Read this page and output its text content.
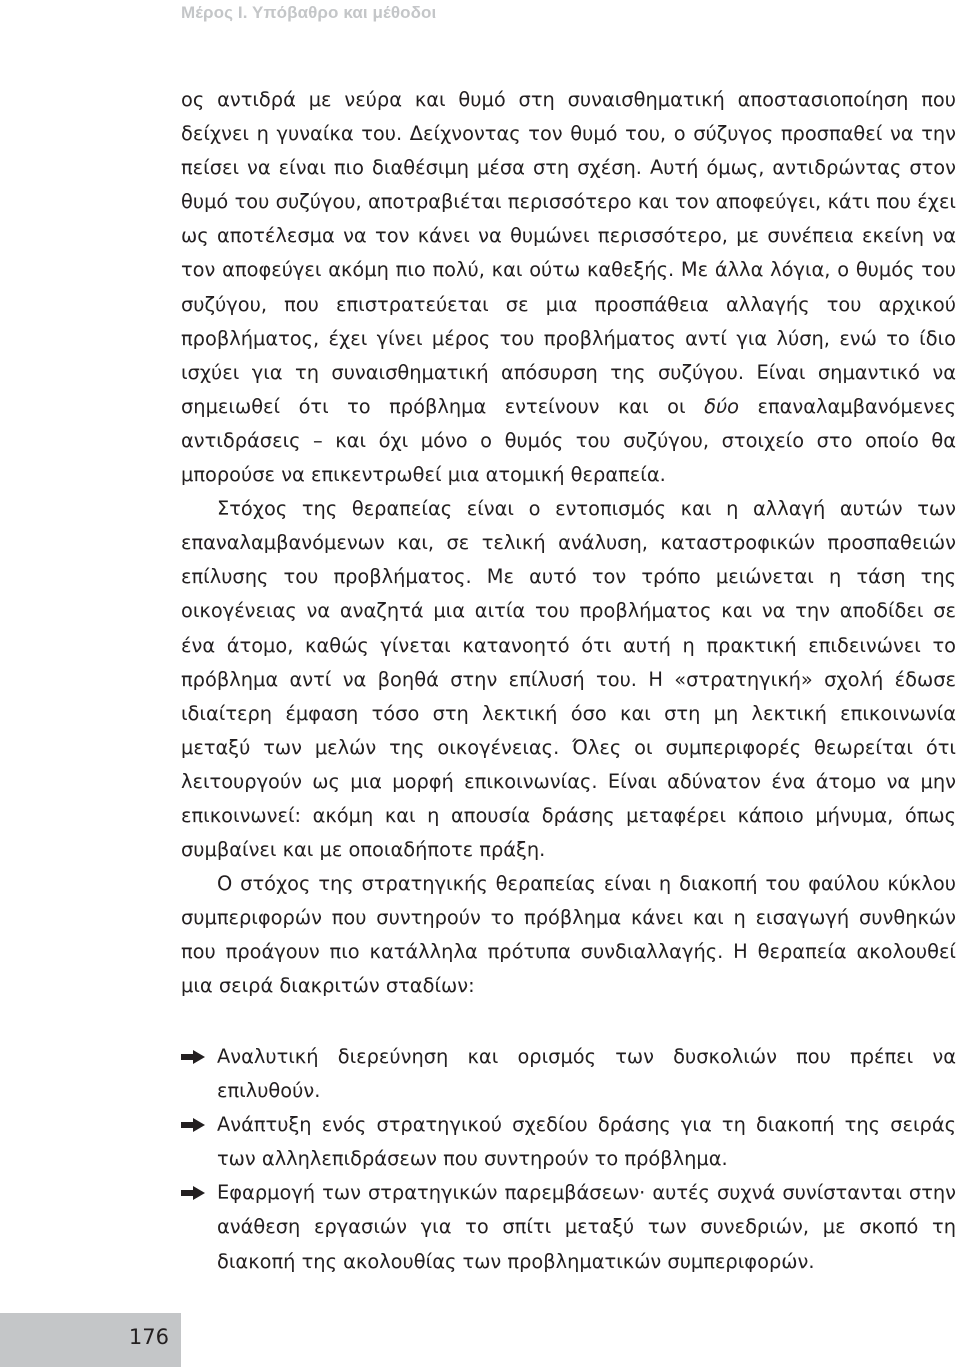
Μέρος Ι. Υπόβαθρο και μέθοδοι

ος αντιδρά με νεύρα και θυμό στη συναισθηματική αποστασιοποίηση που δείχνει η γυναίκα του. Δείχνοντας τον θυμό του, ο σύζυγος προσπαθεί να την πείσει να είναι πιο διαθέσιμη μέσα στη σχέση. Αυτή όμως, αντιδρώντας στον θυμό του συζύγου, αποτραβιέται περισσότερο και τον αποφεύγει, κάτι που έχει ως αποτέλεσμα να τον κάνει να θυμώνει περισσότερο, με συνέπεια εκείνη να τον αποφεύγει ακόμη πιο πολύ, και ούτω καθεξής. Με άλλα λόγια, ο θυμός του συζύγου, που επιστρατεύεται σε μια προσπάθεια αλλαγής του αρχικού προβλήματος, έχει γίνει μέρος του προβλήματος αντί για λύση, ενώ το ίδιο ισχύει για τη συναισθηματική απόσυρση της συζύγου. Είναι σημαντικό να σημειωθεί ότι το πρόβλημα εντείνουν και οι δύο επαναλαμβανόμενες αντιδράσεις – και όχι μόνο ο θυμός του συζύγου, στοιχείο στο οποίο θα μπορούσε να επικεντρωθεί μια ατομική θεραπεία.

Στόχος της θεραπείας είναι ο εντοπισμός και η αλλαγή αυτών των επαναλαμβανόμενων και, σε τελική ανάλυση, καταστροφικών προσπαθειών επίλυσης του προβλήματος. Με αυτό τον τρόπο μειώνεται η τάση της οικογένειας να αναζητά μια αιτία του προβλήματος και να την αποδίδει σε ένα άτομο, καθώς γίνεται κατανοητό ότι αυτή η πρακτική επιδεινώνει το πρόβλημα αντί να βοηθά στην επίλυσή του. Η «στρατηγική» σχολή έδωσε ιδιαίτερη έμφαση τόσο στη λεκτική όσο και στη μη λεκτική επικοινωνία μεταξύ των μελών της οικογένειας. Όλες οι συμπεριφορές θεωρείται ότι λειτουργούν ως μια μορφή επικοινωνίας. Είναι αδύνατον ένα άτομο να μην επικοινωνεί: ακόμη και η απουσία δράσης μεταφέρει κάποιο μήνυμα, όπως συμβαίνει και με οποιαδήποτε πράξη.

Ο στόχος της στρατηγικής θεραπείας είναι η διακοπή του φαύλου κύκλου συμπεριφορών που συντηρούν το πρόβλημα κάνει και η εισαγωγή συνθηκών που προάγουν πιο κατάλληλα πρότυπα συνδιαλλαγής. Η θεραπεία ακολουθεί μια σειρά διακριτών σταδίων:

Αναλυτική διερεύνηση και ορισμός των δυσκολιών που πρέπει να επιλυθούν.
Ανάπτυξη ενός στρατηγικού σχεδίου δράσης για τη διακοπή της σειράς των αλληλεπιδράσεων που συντηρούν το πρόβλημα.
Εφαρμογή των στρατηγικών παρεμβάσεων· αυτές συχνά συνίστανται στην ανάθεση εργασιών για το σπίτι μεταξύ των συνεδριών, με σκοπό τη διακοπή της ακολουθίας των προβληματικών συμπεριφορών.
176
